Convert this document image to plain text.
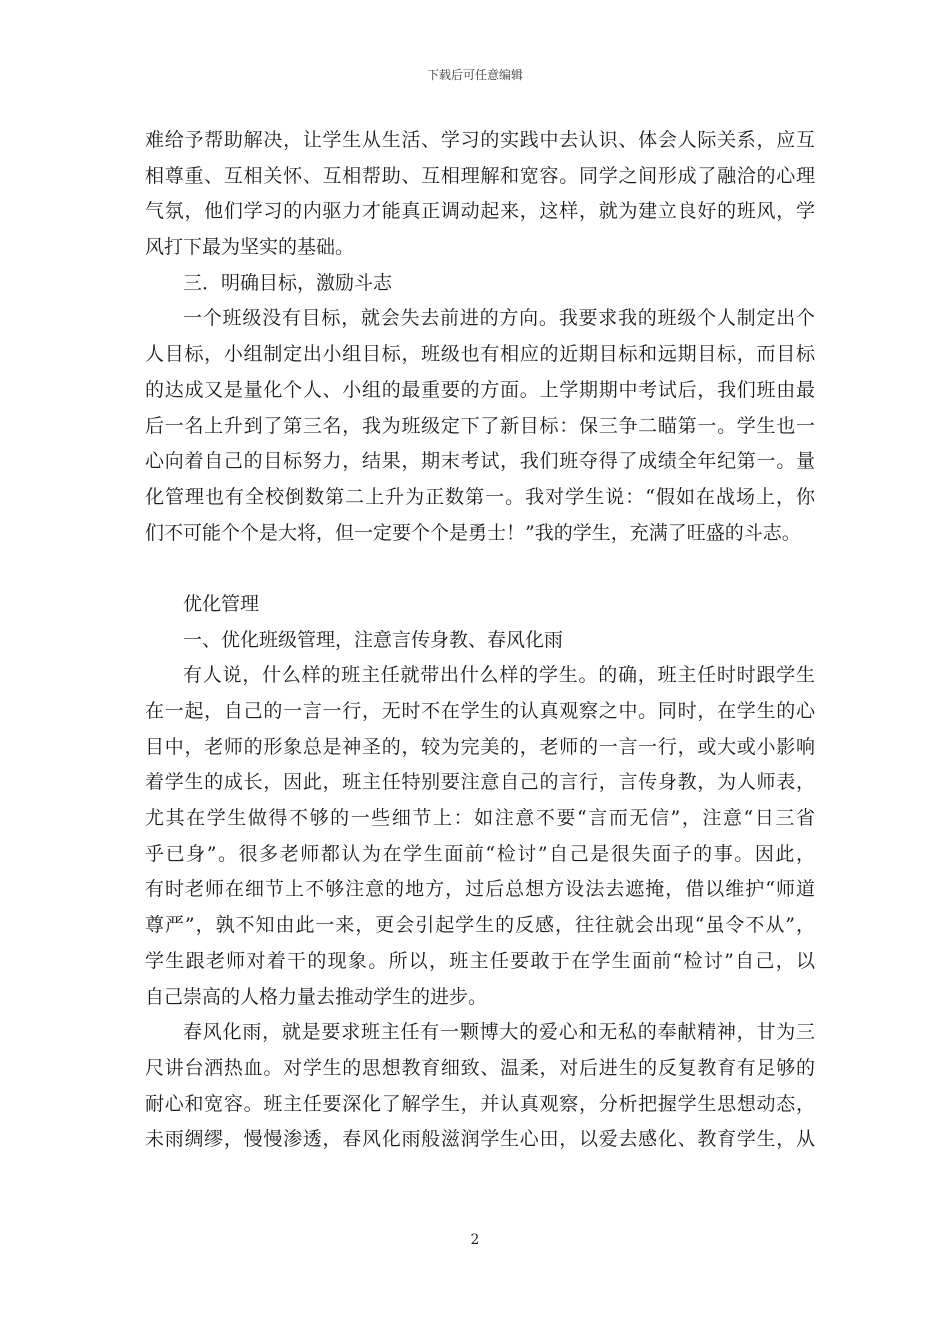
下载后可任意编辑
难给予帮助解决，让学生从生活、学习的实践中去认识、体会人际关系，应互
相尊重、互相关怀、互相帮助、互相理解和宽容。同学之间形成了融洽的心理
气氛，他们学习的内驱力才能真正调动起来，这样，就为建立良好的班风，学
风打下最为坚实的基础。
三．明确目标，激励斗志
一个班级没有目标，就会失去前进的方向。我要求我的班级个人制定出个
人目标，小组制定出小组目标，班级也有相应的近期目标和远期目标，而目标
的达成又是量化个人、小组的最重要的方面。上学期期中考试后，我们班由最
后一名上升到了第三名，我为班级定下了新目标：保三争二瞄第一。学生也一
心向着自己的目标努力，结果，期末考试，我们班夺得了成绩全年纪第一。量
化管理也有全校倒数第二上升为正数第一。我对学生说：“假如在战场上，你
们不可能个个是大将，但一定要个个是勇士！”我的学生，充满了旺盛的斗志。
优化管理
一、优化班级管理，注意言传身教、春风化雨
有人说，什么样的班主任就带出什么样的学生。的确，班主任时时跟学生
在一起，自己的一言一行，无时不在学生的认真观察之中。同时，在学生的心
目中，老师的形象总是神圣的，较为完美的，老师的一言一行，或大或小影响
着学生的成长，因此，班主任特别要注意自己的言行，言传身教，为人师表，
尤其在学生做得不够的一些细节上：如注意不要“言而无信”，注意“日三省
乎已身”。很多老师都认为在学生面前“检讨”自己是很失面子的事。因此，
有时老师在细节上不够注意的地方，过后总想方设法去遮掩，借以维护“师道
尊严”，孰不知由此一来，更会引起学生的反感，往往就会出现“虽令不从”，
学生跟老师对着干的现象。所以，班主任要敢于在学生面前“检讨”自己，以
自己崇高的人格力量去推动学生的进步。
春风化雨，就是要求班主任有一颗博大的爱心和无私的奉献精神，甘为三
尺讲台洒热血。对学生的思想教育细致、温柔，对后进生的反复教育有足够的
耐心和宽容。班主任要深化了解学生，并认真观察，分析把握学生思想动态，
未雨绸缪，慢慢渗透，春风化雨般滋润学生心田，以爱去感化、教育学生，从
2
